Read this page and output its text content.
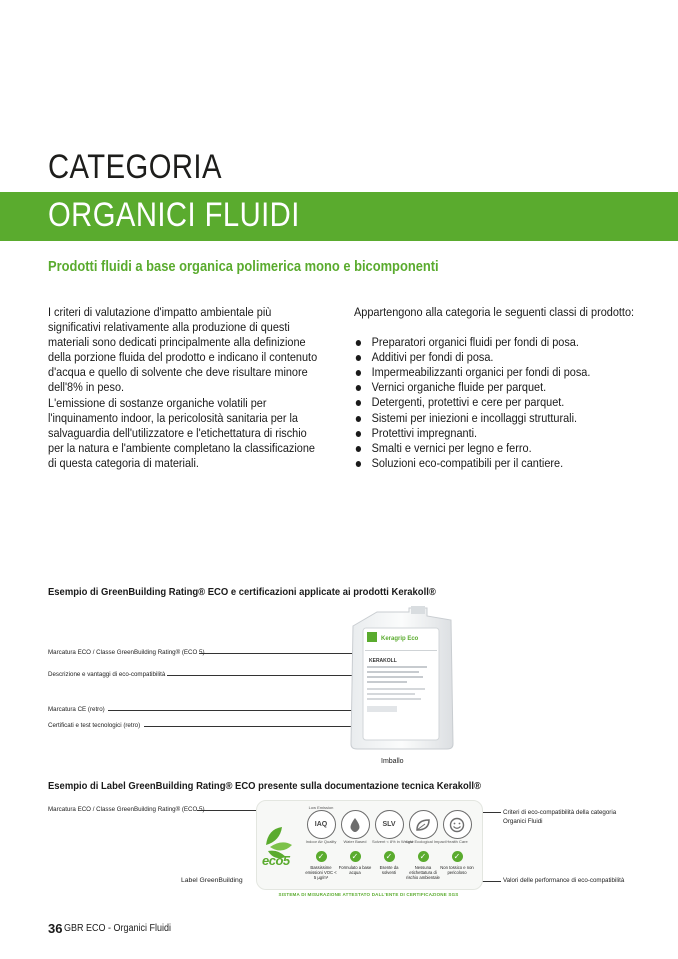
CATEGORIA
ORGANICI FLUIDI
Prodotti fluidi a base organica polimerica mono e bicomponenti

I criteri di valutazione d'impatto ambientale più significativi relativamente alla produzione di questi materiali sono dedicati principalmente alla definizione della porzione fluida del prodotto e indicano il contenuto d'acqua e quello di solvente che deve risultare minore dell'8% in peso.

L'emissione di sostanze organiche volatili per l'inquinamento indoor, la pericolosità sanitaria per la salvaguardia dell'utilizzatore e l'etichettatura di rischio per la natura e l'ambiente completano la classificazione di questa categoria di materiali.

Appartengono alla categoria le seguenti classi di prodotto:

Preparatori organici fluidi per fondi di posa.
Additivi per fondi di posa.
Impermeabilizzanti organici per fondi di posa.
Vernici organiche fluide per parquet.
Detergenti, protettivi e cere per parquet.
Sistemi per iniezioni e incollaggi strutturali.
Protettivi impregnanti.
Smalti e vernici per legno e ferro.
Soluzioni eco-compatibili per il cantiere.
Esempio di GreenBuilding Rating® ECO e certificazioni applicate ai prodotti Kerakoll®
Marcatura ECO / Classe GreenBuilding Rating® (ECO 5)
Descrizione e vantaggi di eco-compatibilità
Marcatura CE (retro)
Certificati e test tecnologici (retro)
Keragrip Eco
KERAKOLL
Imballo
Esempio di Label GreenBuilding Rating® ECO presente sulla documentazione tecnica Kerakoll®
Marcatura ECO / Classe GreenBuilding Rating® (ECO 5)
Label GreenBuilding
Criteri di eco-compatibilità della categoria Organici Fluidi
Valori delle performance di eco-compatibilità
eco5
Low Emission
IAQ
Indoor Air Quality
✓
Bassissime emissioni VOC < 5 µg/m³
Water Based
✓
Formulato a base acqua
SLV
Solvent < 8% in Weight
✓
Esente da solventi
Low Ecological Impact
✓
Nessuna etichettatura di rischio ambientale
Health Care
✓
Non tossico e non pericoloso
SISTEMA DI MISURAZIONE ATTESTATO DALL'ENTE DI CERTIFICAZIONE SGS
36 GBR ECO - Organici Fluidi
